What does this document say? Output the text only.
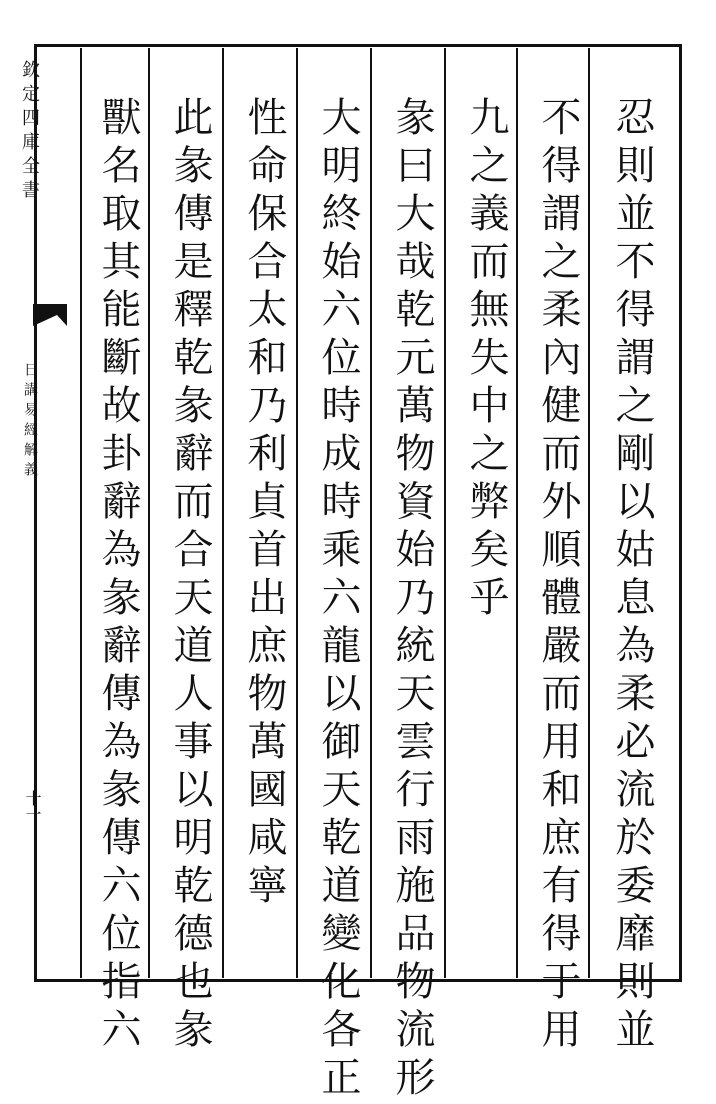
欽定四庫全書
日講易經解義
十一	忍則並不得謂之剛以姑息為柔必流於委靡則並
不得謂之柔內健而外順體嚴而用和庶有得于用
九之義而無失中之弊矣乎
彖曰大哉乾元萬物資始乃統天雲行雨施品物流形
大明終始六位時成時乘六龍以御天乾道變化各正
性命保合太和乃利貞首出庶物萬國咸寧
此彖傳是釋乾彖辭而合天道人事以明乾德也彖
獸名取其能斷故卦辭為彖辭傳為彖傳六位指六
